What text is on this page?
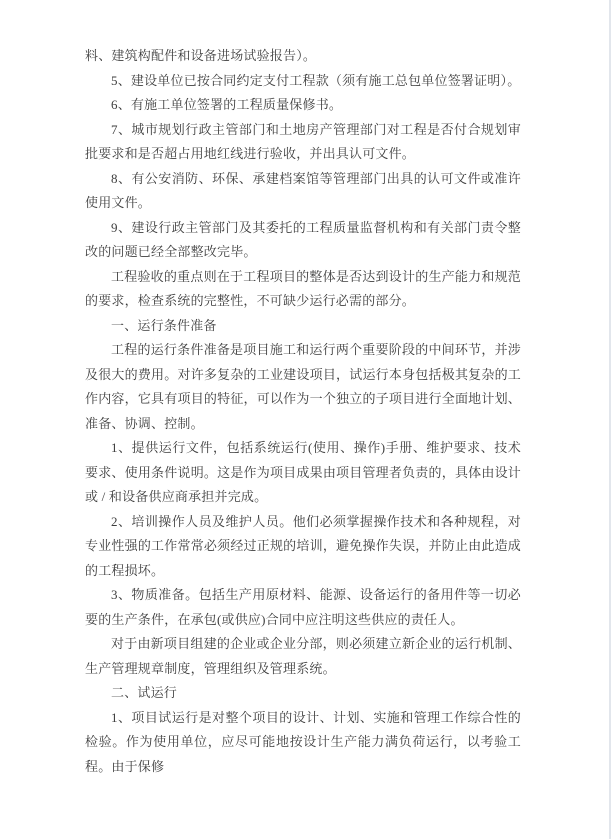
料、建筑构配件和设备进场试验报告）。

5、建设单位已按合同约定支付工程款（须有施工总包单位签署证明）。

6、有施工单位签署的工程质量保修书。

7、城市规划行政主管部门和土地房产管理部门对工程是否付合规划审批要求和是否超占用地红线进行验收，并出具认可文件。

8、有公安消防、环保、承建档案馆等管理部门出具的认可文件或准许使用文件。

9、建设行政主管部门及其委托的工程质量监督机构和有关部门责令整改的问题已经全部整改完毕。

工程验收的重点则在于工程项目的整体是否达到设计的生产能力和规范的要求，检查系统的完整性，不可缺少运行必需的部分。

一、运行条件准备

工程的运行条件准备是项目施工和运行两个重要阶段的中间环节，并涉及很大的费用。对许多复杂的工业建设项目，试运行本身包括极其复杂的工作内容，它具有项目的特征，可以作为一个独立的子项目进行全面地计划、准备、协调、控制。

1、提供运行文件，包括系统运行(使用、操作)手册、维护要求、技术要求、使用条件说明。这是作为项目成果由项目管理者负责的，具体由设计或 / 和设备供应商承担并完成。

2、培训操作人员及维护人员。他们必须掌握操作技术和各种规程，对专业性强的工作常常必须经过正规的培训，避免操作失误，并防止由此造成的工程损坏。

3、物质准备。包括生产用原材料、能源、设备运行的备用件等一切必要的生产条件，在承包(或供应)合同中应注明这些供应的责任人。

对于由新项目组建的企业或企业分部，则必须建立新企业的运行机制、生产管理规章制度，管理组织及管理系统。

二、试运行

1、项目试运行是对整个项目的设计、计划、实施和管理工作综合性的检验。作为使用单位，应尽可能地按设计生产能力满负荷运行，以考验工程。由于保修
